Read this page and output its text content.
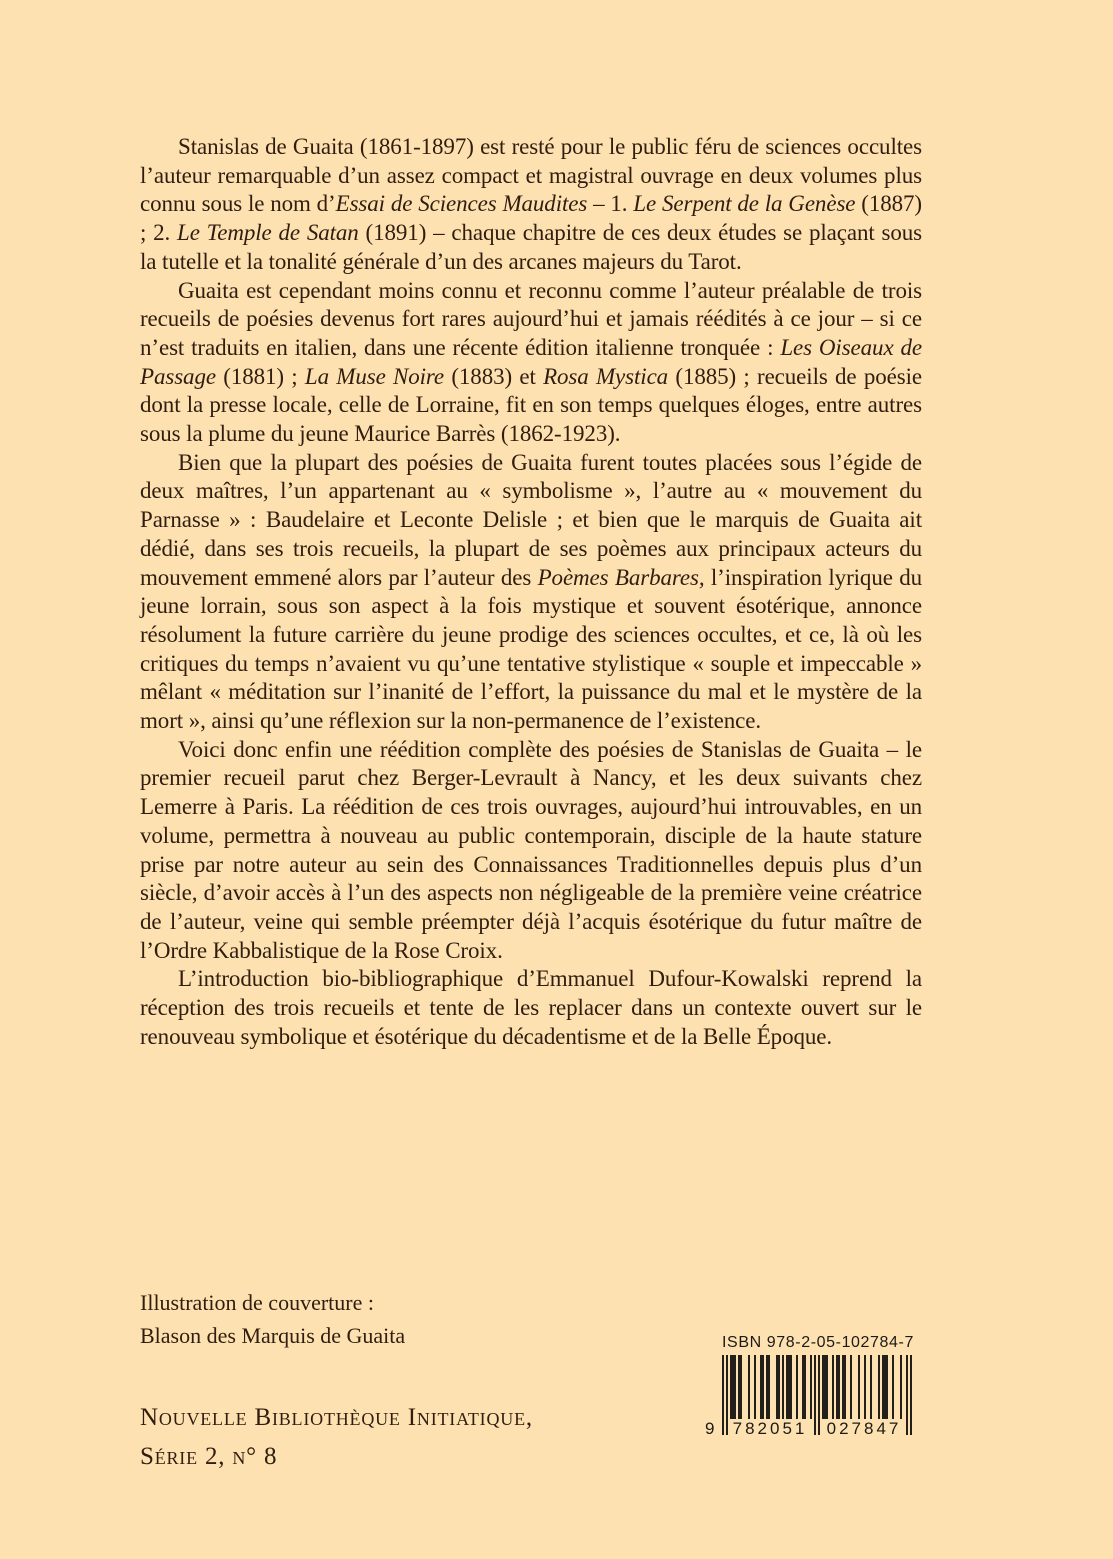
Stanislas de Guaita (1861-1897) est resté pour le public féru de sciences occultes l’auteur remarquable d’un assez compact et magistral ouvrage en deux volumes plus connu sous le nom d’Essai de Sciences Maudites – 1. Le Serpent de la Genèse (1887) ; 2. Le Temple de Satan (1891) – chaque chapitre de ces deux études se plaçant sous la tutelle et la tonalité générale d’un des arcanes majeurs du Tarot.

Guaita est cependant moins connu et reconnu comme l’auteur préalable de trois recueils de poésies devenus fort rares aujourd’hui et jamais réédités à ce jour – si ce n’est traduits en italien, dans une récente édition italienne tronquée : Les Oiseaux de Passage (1881) ; La Muse Noire (1883) et Rosa Mystica (1885) ; recueils de poésie dont la presse locale, celle de Lorraine, fit en son temps quelques éloges, entre autres sous la plume du jeune Maurice Barrès (1862-1923).

Bien que la plupart des poésies de Guaita furent toutes placées sous l’égide de deux maîtres, l’un appartenant au « symbolisme », l’autre au « mouvement du Parnasse » : Baudelaire et Leconte Delisle ; et bien que le marquis de Guaita ait dédié, dans ses trois recueils, la plupart de ses poèmes aux principaux acteurs du mouvement emmené alors par l’auteur des Poèmes Barbares, l’inspiration lyrique du jeune lorrain, sous son aspect à la fois mystique et souvent ésotérique, annonce résolument la future carrière du jeune prodige des sciences occultes, et ce, là où les critiques du temps n’avaient vu qu’une tentative stylistique « souple et impeccable » mêlant « méditation sur l’inanité de l’effort, la puissance du mal et le mystère de la mort », ainsi qu’une réflexion sur la non-permanence de l’existence.

Voici donc enfin une réédition complète des poésies de Stanislas de Guaita – le premier recueil parut chez Berger-Levrault à Nancy, et les deux suivants chez Lemerre à Paris. La réédition de ces trois ouvrages, aujourd’hui introuvables, en un volume, permettra à nouveau au public contemporain, disciple de la haute stature prise par notre auteur au sein des Connaissances Traditionnelles depuis plus d’un siècle, d’avoir accès à l’un des aspects non négligeable de la première veine créatrice de l’auteur, veine qui semble préempter déjà l’acquis ésotérique du futur maître de l’Ordre Kabbalistique de la Rose Croix.

L’introduction bio-bibliographique d’Emmanuel Dufour-Kowalski reprend la réception des trois recueils et tente de les replacer dans un contexte ouvert sur le renouveau symbolique et ésotérique du décadentisme et de la Belle Époque.

Illustration de couverture :
Blason des Marquis de Guaita
Nouvelle Bibliothèque Initiatique,
Série 2, n° 8
ISBN 978-2-05-102784-7
9 782051 027847
